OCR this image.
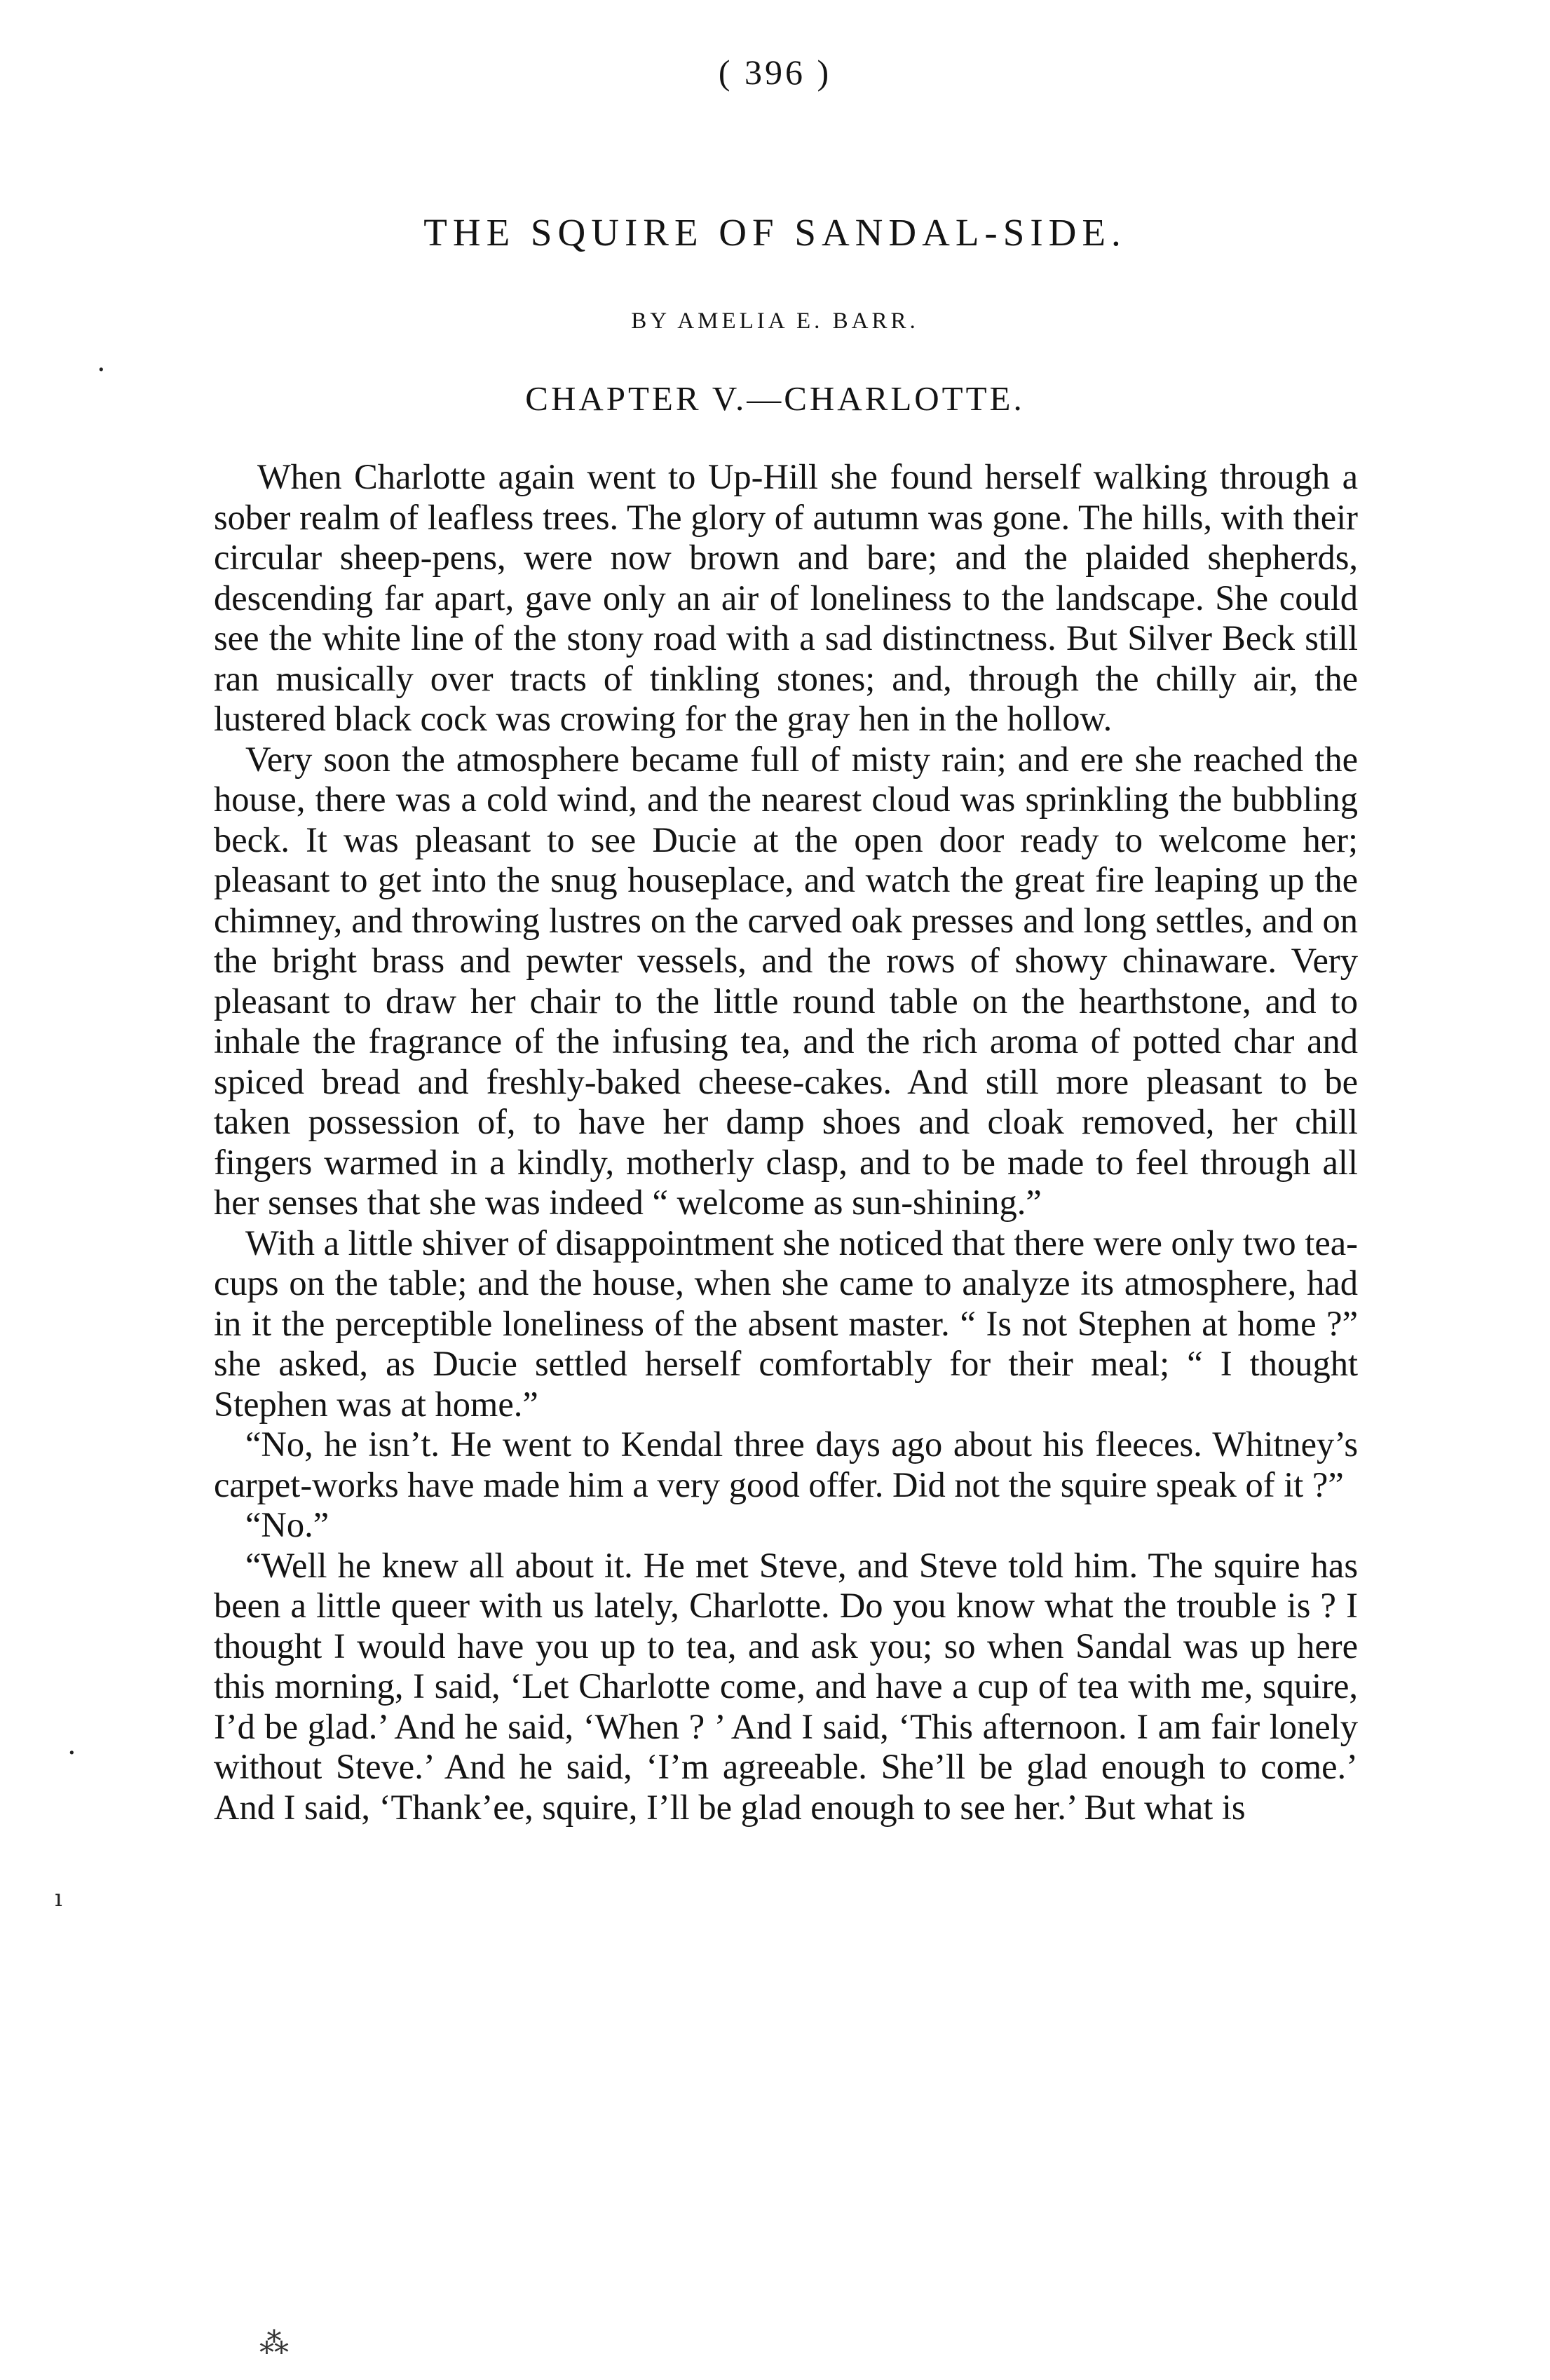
( 396 )
THE SQUIRE OF SANDAL-SIDE.
BY AMELIA E. BARR.
CHAPTER V.—CHARLOTTE.

When Charlotte again went to Up-Hill she found herself walking through a sober realm of leafless trees. The glory of autumn was gone. The hills, with their circular sheep-pens, were now brown and bare; and the plaided shepherds, descending far apart, gave only an air of loneliness to the landscape. She could see the white line of the stony road with a sad distinctness. But Silver Beck still ran musically over tracts of tinkling stones; and, through the chilly air, the lustered black cock was crowing for the gray hen in the hollow.

Very soon the atmosphere became full of misty rain; and ere she reached the house, there was a cold wind, and the nearest cloud was sprinkling the bubbling beck. It was pleasant to see Ducie at the open door ready to welcome her; pleasant to get into the snug houseplace, and watch the great fire leaping up the chimney, and throwing lustres on the carved oak presses and long settles, and on the bright brass and pewter vessels, and the rows of showy chinaware. Very pleasant to draw her chair to the little round table on the hearthstone, and to inhale the fragrance of the infusing tea, and the rich aroma of potted char and spiced bread and freshly-baked cheese-cakes. And still more pleasant to be taken possession of, to have her damp shoes and cloak removed, her chill fingers warmed in a kindly, motherly clasp, and to be made to feel through all her senses that she was indeed “ welcome as sun-shining.”

With a little shiver of disappointment she noticed that there were only two tea-cups on the table; and the house, when she came to analyze its atmosphere, had in it the perceptible loneliness of the absent master. “ Is not Stephen at home ?” she asked, as Ducie settled herself comfortably for their meal; “ I thought Stephen was at home.”

“No, he isn’t. He went to Kendal three days ago about his fleeces. Whitney’s carpet-works have made him a very good offer. Did not the squire speak of it ?”

“No.”

“Well he knew all about it. He met Steve, and Steve told him. The squire has been a little queer with us lately, Charlotte. Do you know what the trouble is ? I thought I would have you up to tea, and ask you; so when Sandal was up here this morning, I said, ‘Let Charlotte come, and have a cup of tea with me, squire, I’d be glad.’ And he said, ‘When ? ’ And I said, ‘This afternoon. I am fair lonely without Steve.’ And he said, ‘I’m agreeable. She’ll be glad enough to come.’ And I said, ‘Thank’ee, squire, I’ll be glad enough to see her.’ But what is

·
·
ı
⁂
